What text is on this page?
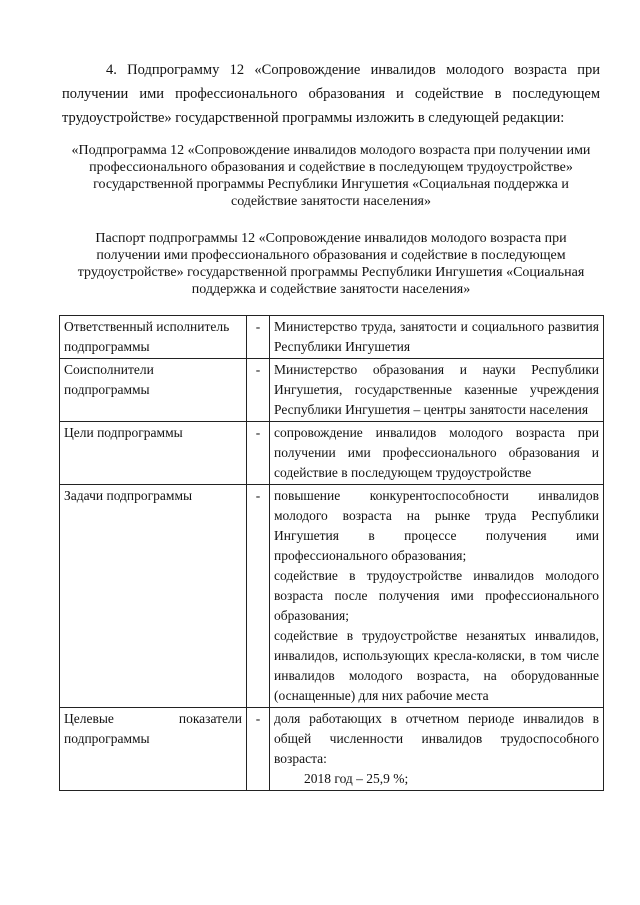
4. Подпрограмму 12 «Сопровождение инвалидов молодого возраста при получении ими профессионального образования и содействие в последующем трудоустройстве» государственной программы изложить в следующей редакции:

«Подпрограмма 12 «Сопровождение инвалидов молодого возраста при получении ими профессионального образования и содействие в последующем трудоустройстве» государственной программы Республики Ингушетия «Социальная поддержка и содействие занятости населения»

Паспорт подпрограммы 12 «Сопровождение инвалидов молодого возраста при получении ими профессионального образования и содействие в последующем трудоустройстве» государственной программы Республики Ингушетия «Социальная поддержка и содействие занятости населения»

Ответственный исполнитель подпрограммы	-	Министерство труда, занятости и социального развития Республики Ингушетия

Соисполнители подпрограммы	-	Министерство образования и науки Республики Ингушетия, государственные казенные учреждения Республики Ингушетия – центры занятости населения

Цели подпрограммы	-	сопровождение инвалидов молодого возраста при получении ими профессионального образования и содействие в последующем трудоустройстве

Задачи подпрограммы	-	повышение конкурентоспособности инвалидов молодого возраста на рынке труда Республики Ингушетия в процессе получения ими профессионального образования;
содействие в трудоустройстве инвалидов молодого возраста после получения ими профессионального образования;
содействие в трудоустройстве незанятых инвалидов, инвалидов, использующих кресла-коляски, в том числе инвалидов молодого возраста, на оборудованные (оснащенные) для них рабочие места

Целевые показатели подпрограммы	-	доля работающих в отчетном периоде инвалидов в общей численности инвалидов трудоспособного возраста:
2018 год – 25,9 %;
